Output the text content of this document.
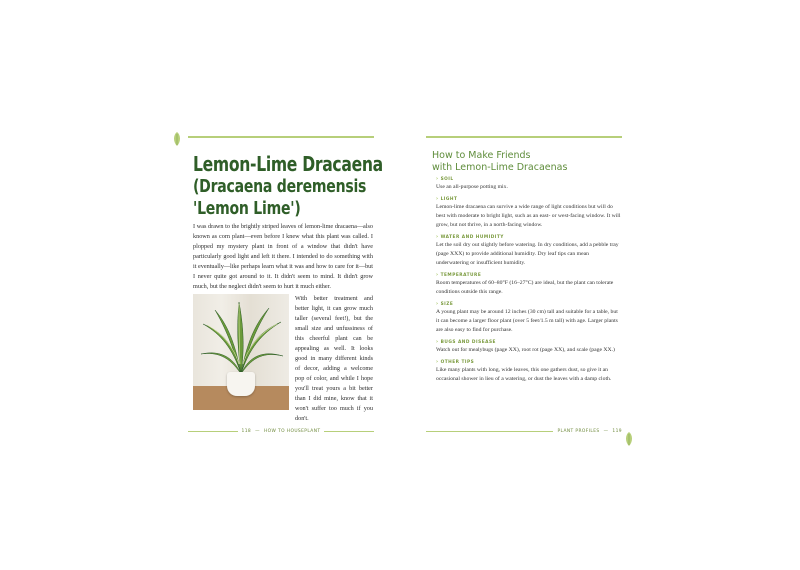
Lemon-Lime Dracaena

(Dracaena deremensis

'Lemon Lime')

I was drawn to the brightly striped leaves of lemon-lime dracaena—also known as corn plant—even before I knew what this plant was called. I plopped my mystery plant in front of a window that didn't have particularly good light and left it there. I intended to do something with it eventually—like perhaps learn what it was and how to care for it—but I never quite got around to it. It didn't seem to mind. It didn't grow much, but the neglect didn't seem to hurt it much either.

With better treatment and better light, it can grow much taller (several feet!), but the small size and unfussiness of this cheerful plant can be appealing as well. It looks good in many different kinds of decor, adding a welcome pop of color, and while I hope you'll treat yours a bit better than I did mine, know that it won't suffer too much if you don't.

118 — HOW TO HOUSEPLANT
How to Make Friends
with Lemon-Lime Dracaenas
› SOIL

Use an all-purpose potting mix.

› LIGHT

Lemon-lime dracaena can survive a wide range of light conditions but will do best with moderate to bright light, such as an east- or west-facing window. It will grow, but not thrive, in a north-facing window.

› WATER AND HUMIDITY

Let the soil dry out slightly before watering. In dry conditions, add a pebble tray (page XXX) to provide additional humidity. Dry leaf tips can mean underwatering or insufficient humidity.

› TEMPERATURE

Room temperatures of 60–80°F (16–27°C) are ideal, but the plant can tolerate conditions outside this range.

› SIZE

A young plant may be around 12 inches (30 cm) tall and suitable for a table, but it can become a larger floor plant (over 5 feet/1.5 m tall) with age. Larger plants are also easy to find for purchase.

› BUGS AND DISEASE

Watch out for mealybugs (page XX), root rot (page XX), and scale (page XX.)

› OTHER TIPS

Like many plants with long, wide leaves, this one gathers dust, so give it an occasional shower in lieu of a watering, or dust the leaves with a damp cloth.

PLANT PROFILES — 119
